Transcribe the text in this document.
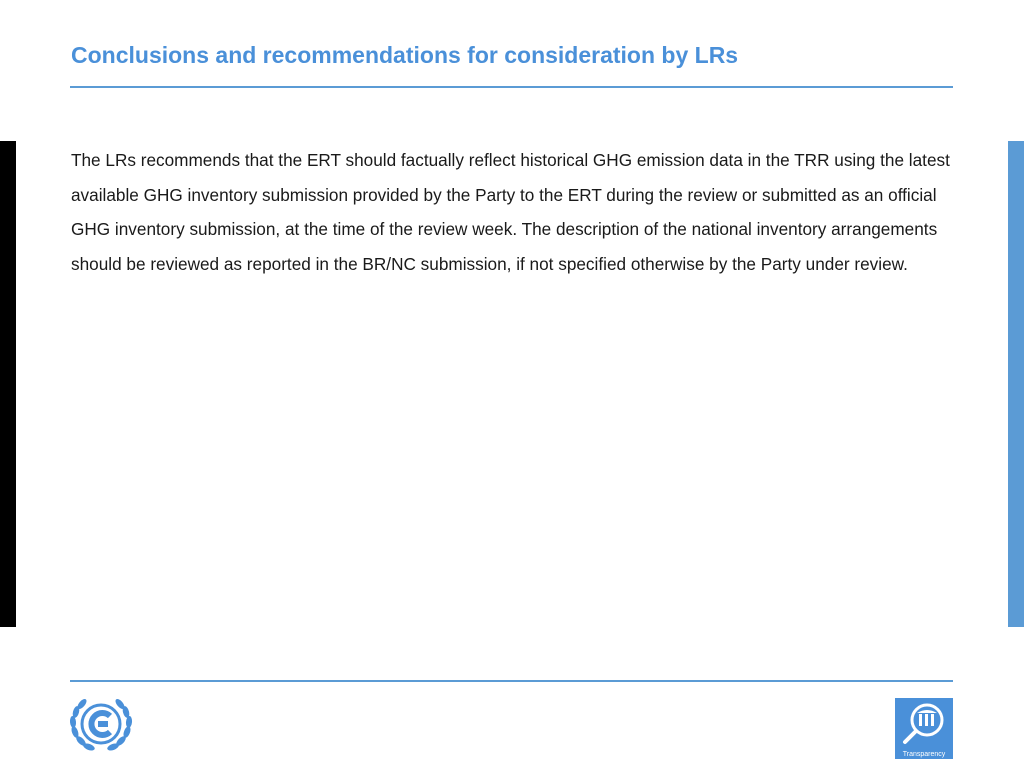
Conclusions and recommendations for consideration by LRs

The LRs recommends that the ERT should factually reflect historical GHG emission data in the TRR using the latest available GHG inventory submission provided by the Party to the ERT during the review or submitted as an official GHG inventory submission, at the time of the review week. The description of the national inventory arrangements should be reviewed as reported in the BR/NC submission, if not specified otherwise by the Party under review.

Transparency
